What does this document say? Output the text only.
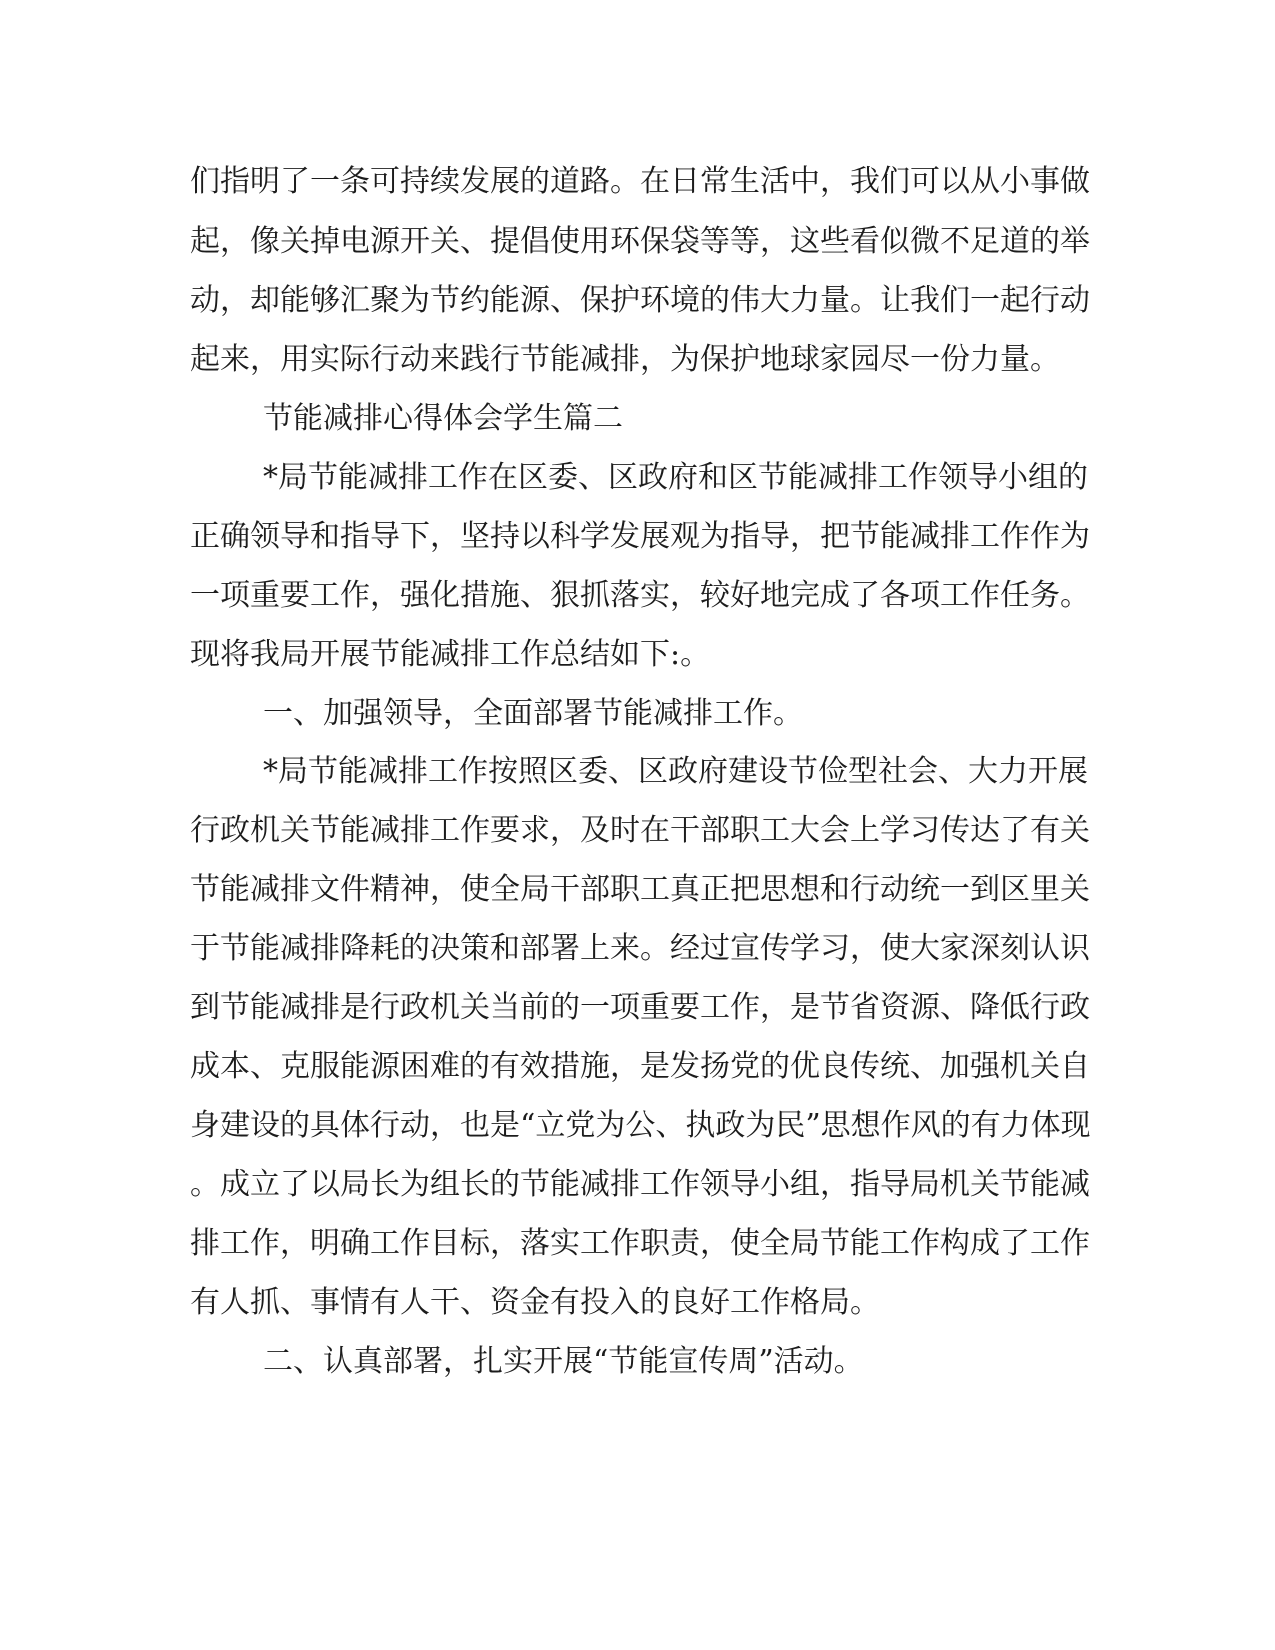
们指明了一条可持续发展的道路。在日常生活中，我们可以从小事做
起，像关掉电源开关、提倡使用环保袋等等，这些看似微不足道的举
动，却能够汇聚为节约能源、保护环境的伟大力量。让我们一起行动
起来，用实际行动来践行节能减排，为保护地球家园尽一份力量。
节能减排心得体会学生篇二
*局节能减排工作在区委、区政府和区节能减排工作领导小组的
正确领导和指导下，坚持以科学发展观为指导，把节能减排工作作为
一项重要工作，强化措施、狠抓落实，较好地完成了各项工作任务。
现将我局开展节能减排工作总结如下:。
一、加强领导，全面部署节能减排工作。
*局节能减排工作按照区委、区政府建设节俭型社会、大力开展
行政机关节能减排工作要求，及时在干部职工大会上学习传达了有关
节能减排文件精神，使全局干部职工真正把思想和行动统一到区里关
于节能减排降耗的决策和部署上来。经过宣传学习，使大家深刻认识
到节能减排是行政机关当前的一项重要工作，是节省资源、降低行政
成本、克服能源困难的有效措施，是发扬党的优良传统、加强机关自
身建设的具体行动，也是“立党为公、执政为民”思想作风的有力体现
。成立了以局长为组长的节能减排工作领导小组，指导局机关节能减
排工作，明确工作目标，落实工作职责，使全局节能工作构成了工作
有人抓、事情有人干、资金有投入的良好工作格局。
二、认真部署，扎实开展“节能宣传周”活动。
